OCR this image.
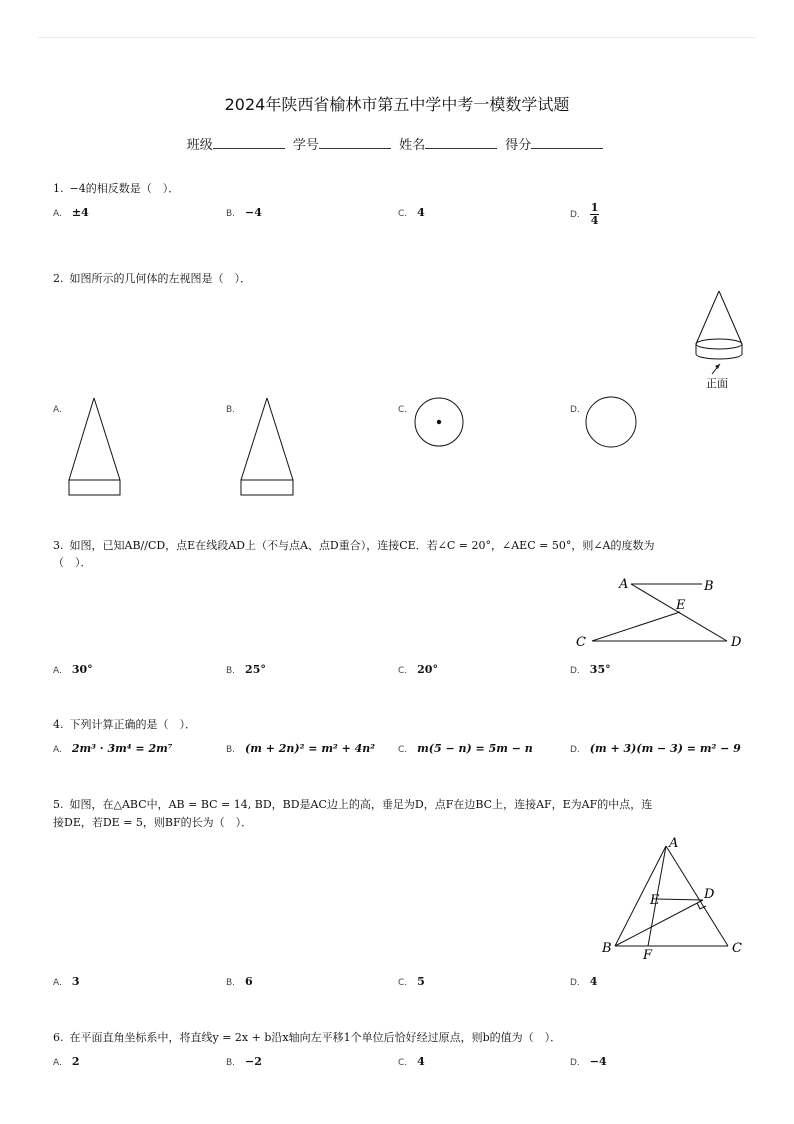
2024年陕西省榆林市第五中学中考一模数学试题
班级	学号	姓名	得分
1. −4的相反数是（　）．
A. ±4	B. −4	C. 4	D. $\frac{1}{4}$
2. 如图所示的几何体的左视图是（　）．
正面
A.	B.	C.	D.
3. 如图，已知AB//CD，点E在线段AD上（不与点A、点D重合），连接CE．若∠C = 20°，∠AEC = 50°，则∠A的度数为
（　）．
A	B
E
C	D
A. 30°	B. 25°	C. 20°	D. 35°
4. 下列计算正确的是（　）．
A. 2m³ · 3m⁴ = 2m⁷	B. (m + 2n)² = m² + 4n²	C. m(5 − n) = 5m − n	D. (m + 3)(m − 3) = m² − 9
5. 如图，在△ABC中，AB = BC = 14, BD，BD是AC边上的高，垂足为D，点F在边BC上，连接AF，E为AF的中点，连
接DE，若DE = 5，则BF的长为（　）．
A
E	D
B F	C
A. 3	B. 6	C. 5	D. 4
6. 在平面直角坐标系中，将直线y = 2x + b沿x轴向左平移1个单位后恰好经过原点，则b的值为（　）．
A. 2	B. −2	C. 4	D. −4
